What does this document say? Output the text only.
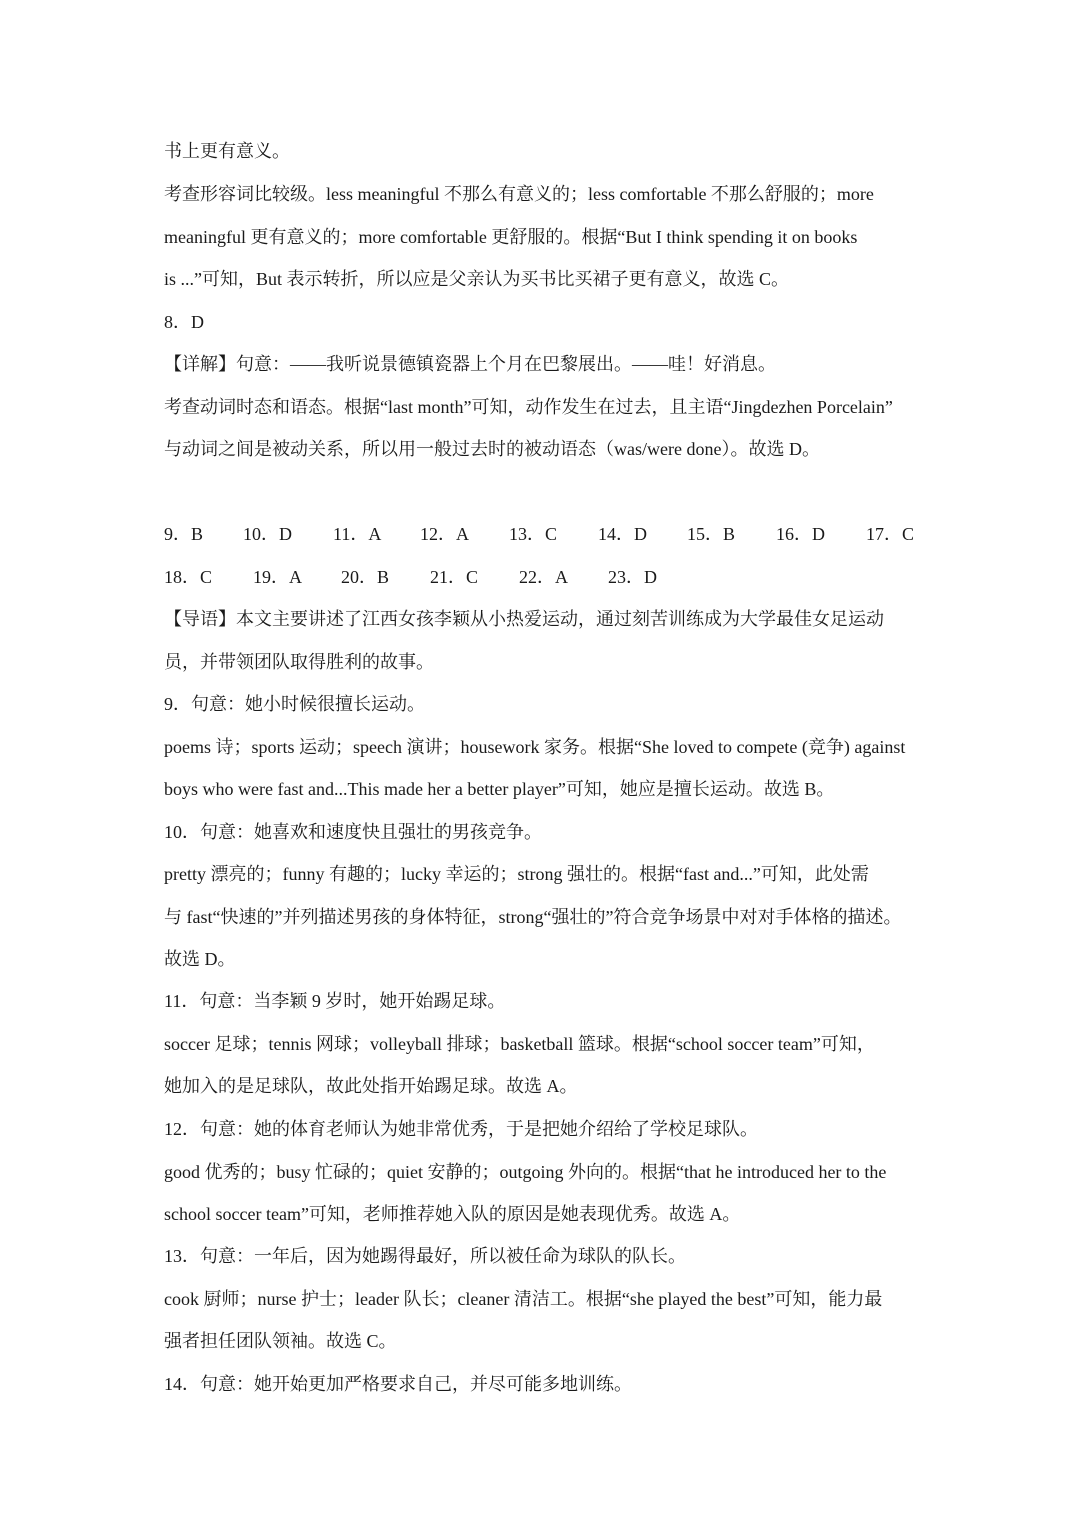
书上更有意义。
考查形容词比较级。less meaningful 不那么有意义的；less comfortable 不那么舒服的；more
meaningful 更有意义的；more comfortable 更舒服的。根据“But I think spending it on books
is ...”可知，But 表示转折，所以应是父亲认为买书比买裙子更有意义，故选 C。
8．D
【详解】句意：——我听说景德镇瓷器上个月在巴黎展出。——哇！好消息。
考查动词时态和语态。根据“last month”可知，动作发生在过去，且主语“Jingdezhen Porcelain”
与动词之间是被动关系，所以用一般过去时的被动语态（was/were done）。故选 D。
9．B 10．D 11．A 12．A 13．C 14．D 15．B 16．D 17．C
18．C 19．A 20．B 21．C 22．A 23．D
【导语】本文主要讲述了江西女孩李颖从小热爱运动，通过刻苦训练成为大学最佳女足运动
员，并带领团队取得胜利的故事。
9．句意：她小时候很擅长运动。
poems 诗；sports 运动；speech 演讲；housework 家务。根据“She loved to compete (竞争) against
boys who were fast and...This made her a better player”可知，她应是擅长运动。故选 B。
10．句意：她喜欢和速度快且强壮的男孩竞争。
pretty 漂亮的；funny 有趣的；lucky 幸运的；strong 强壮的。根据“fast and...”可知，此处需
与 fast“快速的”并列描述男孩的身体特征，strong“强壮的”符合竞争场景中对对手体格的描述。
故选 D。
11．句意：当李颖 9 岁时，她开始踢足球。
soccer 足球；tennis 网球；volleyball 排球；basketball 篮球。根据“school soccer team”可知，
她加入的是足球队，故此处指开始踢足球。故选 A。
12．句意：她的体育老师认为她非常优秀，于是把她介绍给了学校足球队。
good 优秀的；busy 忙碌的；quiet 安静的；outgoing 外向的。根据“that he introduced her to the
school soccer team”可知，老师推荐她入队的原因是她表现优秀。故选 A。
13．句意：一年后，因为她踢得最好，所以被任命为球队的队长。
cook 厨师；nurse 护士；leader 队长；cleaner 清洁工。根据“she played the best”可知，能力最
强者担任团队领袖。故选 C。
14．句意：她开始更加严格要求自己，并尽可能多地训练。
